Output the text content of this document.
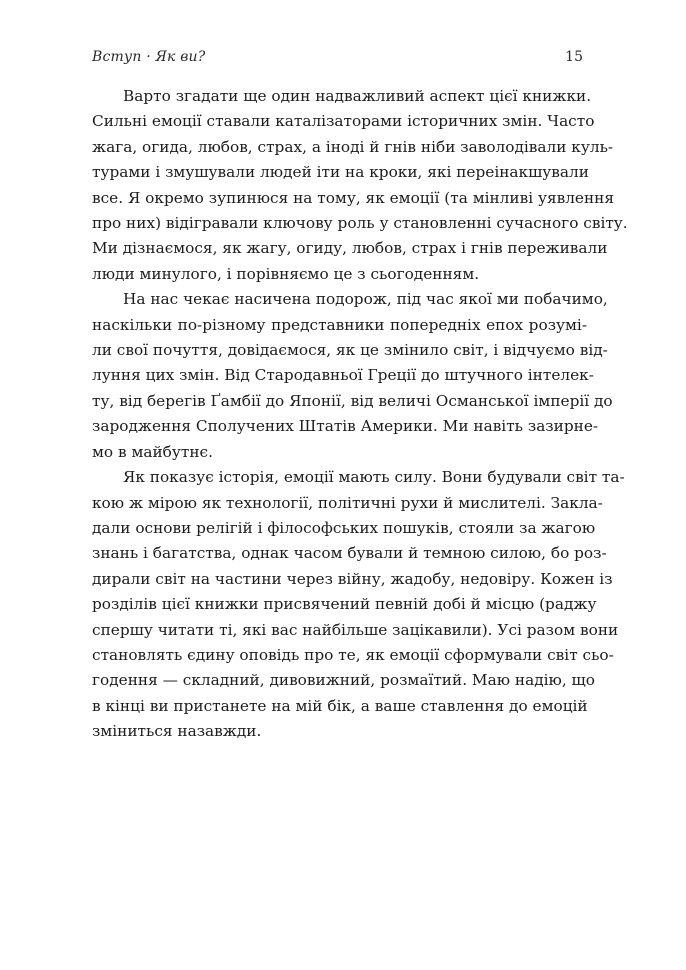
Вступ · Як ви?	15

Варто згадати ще один надважливий аспект цієї книжки.
Сильні емоції ставали каталізаторами історичних змін. Часто
жага, огида, любов, страх, а іноді й гнів ніби заволодівали куль-
турами і змушували людей іти на кроки, які переінакшували
все. Я окремо зупинюся на тому, як емоції (та мінливі уявлення
про них) відігравали ключову роль у становленні сучасного світу.
Ми дізнаємося, як жагу, огиду, любов, страх і гнів переживали
люди минулого, і порівняємо це з сьогоденням.

На нас чекає насичена подорож, під час якої ми побачимо,
наскільки по-різному представники попередніх епох розумі-
ли свої почуття, довідаємося, як це змінило світ, і відчуємо від-
луння цих змін. Від Стародавньої Греції до штучного інтелек-
ту, від берегів Ґамбії до Японії, від величі Османської імперії до
зародження Сполучених Штатів Америки. Ми навіть зазирне-
мо в майбутнє.

Як показує історія, емоції мають силу. Вони будували світ та-
кою ж мірою як технології, політичні рухи й мислителі. Закла-
дали основи релігій і філософських пошуків, стояли за жагою
знань і багатства, однак часом бували й темною силою, бо роз-
дирали світ на частини через війну, жадобу, недовіру. Кожен із
розділів цієї книжки присвячений певній добі й місцю (раджу
спершу читати ті, які вас найбільше зацікавили). Усі разом вони
становлять єдину оповідь про те, як емоції сформували світ сьо-
годення — складний, дивовижний, розмаїтий. Маю надію, що
в кінці ви пристанете на мій бік, а ваше ставлення до емоцій
зміниться назавжди.
